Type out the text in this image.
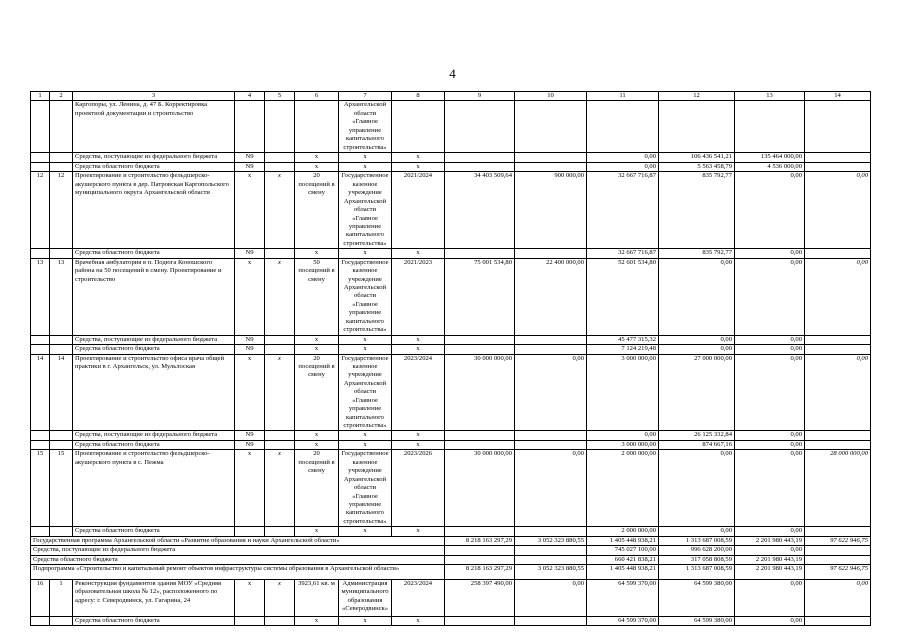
4
1	2	3	4	5	6	7	8	9	10	11	12	13	14
		Каргопоры, ул. Ленина, д. 47 Б. Корректировка проектной документации и строительство				Архангельской области «Главное управление капитального строительства»							
		Средства, поступающие из федерального бюджета	N9		x	x	x			0,00	106 436 541,21	135 464 000,00	
		Средства областного бюджета	N9		x	x	x			0,00	5 563 458,79	4 536 000,00	
12	12	Проектирование и строительство фельдшерско-акушерского пункта в дер. Патровская Каргопольского муниципального округа Архангельской области	x	x	20 посещений в смену	Государственное казенное учреждение Архангельской области «Главное управление капитального строительства»	2021/2024	34 403 509,64	900 000,00	32 667 716,87	835 792,77	0,00	0,00
		Средства областного бюджета	N9		x	x	x			32 667 716,87	835 792,77	0,00	
13	13	Врачебная амбулатория в п. Подюга Коношского района на 50 посещений в смену. Проектирование и строительство	x	x	50 посещений в смену	Государственное казенное учреждение Архангельской области «Главное управление капитального строительства»	2021/2023	75 001 534,80	22 400 000,00	52 601 534,80	0,00	0,00	0,00
		Средства, поступающие из федерального бюджета	N9		x	x	x			45 477 315,32	0,00	0,00	
		Средства областного бюджета	N9		x	x	x			7 124 219,48	0,00	0,00	
14	14	Проектирование и строительство офиса врача общей практики в г. Архангельск, ул. Мульлоская	x	x	20 посещений в смену	Государственное казенное учреждение Архангельской области «Главное управление капитального строительства»	2023/2024	30 000 000,00	0,00	3 000 000,00	27 000 000,00	0,00	0,00
		Средства, поступающие из федерального бюджета	N9		x	x	x			0,00	26 125 332,84	0,00	
		Средства областного бюджета	N9		x	x	x			3 000 000,00	874 667,16	0,00	
15	15	Проектирование и строительство фельдшерско-акушерского пункта в с. Пежма	x	x	20 посещений в смену	Государственное казенное учреждение Архангельской области «Главное управление капитального строительства»	2023/2026	30 000 000,00	0,00	2 000 000,00	0,00	0,00	28 000 000,00
		Средства областного бюджета			x	x	x			2 000 000,00	0,00	0,00	
Государственная программа Архангельской области «Развитие образования и науки Архангельской области»								8 218 163 297,29	3 052 323 880,55	1 405 448 938,21	1 313 687 008,59	2 201 980 443,19	97 622 946,75
Средства, поступающие из федерального бюджета										745 027 100,00	996 628 200,00	0,00	
Средства областного бюджета										660 421 838,21	317 058 808,59	2 201 980 443,19	
Подпрограмма «Строительство и капитальный ремонт объектов инфраструктуры системы образования в Архангельской области»								8 218 163 297,29	3 052 323 880,55	1 405 448 938,21	1 313 687 008,59	2 201 980 443,19	97 622 946,75
16	1	Реконструкция фундаментов здания МОУ «Средняя образовательная школа № 12», расположенного по адресу: г. Северодвинск, ул. Гагарина, 24	x	x	3923,61 кв. м	Администрация муниципального образования «Северодвинск»	2023/2024	258 397 490,00	0,00	64 599 370,00	64 599 380,00	0,00	0,00
		Средства областного бюджета			x	x	x			64 599 370,00	64 599 380,00	0,00	
